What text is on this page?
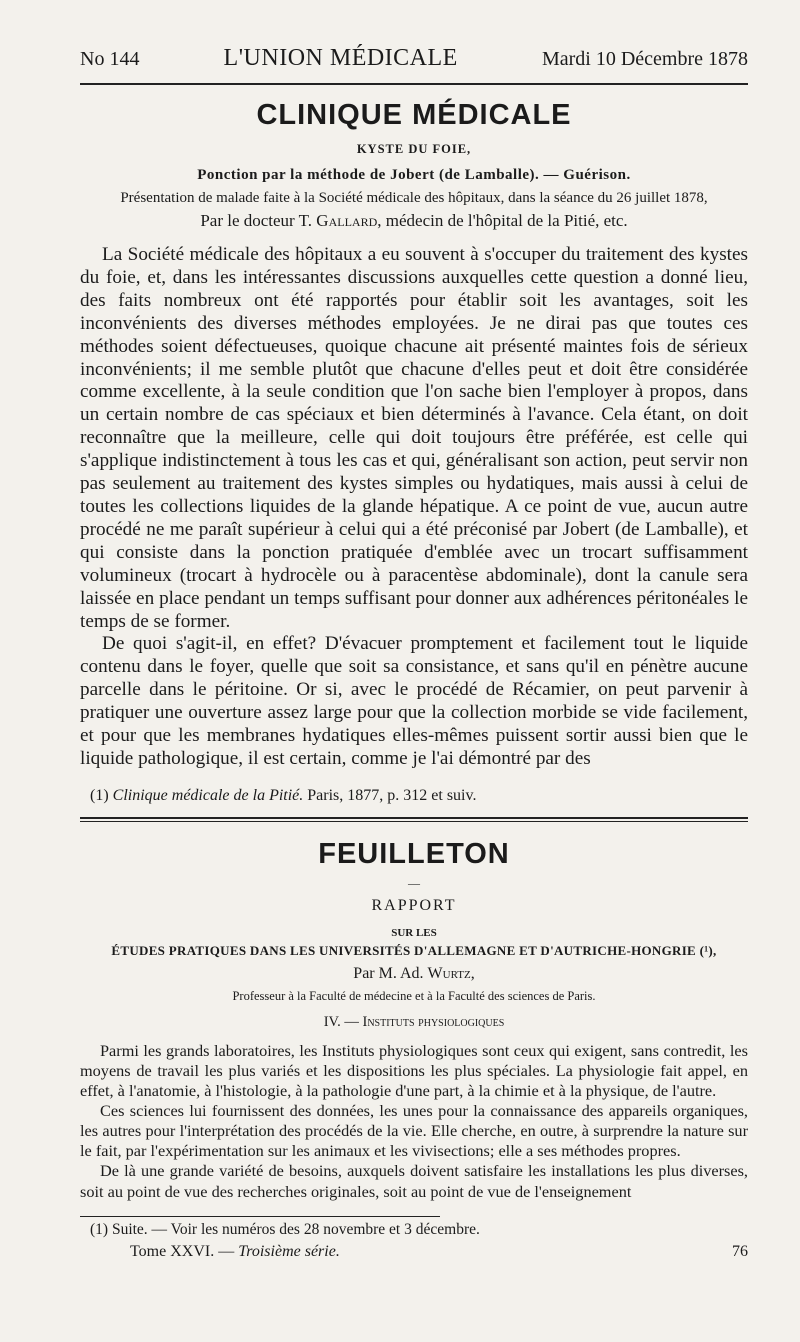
No 144	L'UNION MÉDICALE	Mardi 10 Décembre 1878
CLINIQUE MÉDICALE

KYSTE DU FOIE,

Ponction par la méthode de Jobert (de Lamballe). — Guérison.

Présentation de malade faite à la Société médicale des hôpitaux, dans la séance du 26 juillet 1878,

Par le docteur T. Gallard, médecin de l'hôpital de la Pitié, etc.

La Société médicale des hôpitaux a eu souvent à s'occuper du traitement des kystes du foie, et, dans les intéressantes discussions auxquelles cette question a donné lieu, des faits nombreux ont été rapportés pour établir soit les avantages, soit les inconvénients des diverses méthodes employées. Je ne dirai pas que toutes ces méthodes soient défectueuses, quoique chacune ait présenté maintes fois de sérieux inconvénients; il me semble plutôt que chacune d'elles peut et doit être considérée comme excellente, à la seule condition que l'on sache bien l'employer à propos, dans un certain nombre de cas spéciaux et bien déterminés à l'avance. Cela étant, on doit reconnaître que la meilleure, celle qui doit toujours être préférée, est celle qui s'applique indistinctement à tous les cas et qui, généralisant son action, peut servir non pas seulement au traitement des kystes simples ou hydatiques, mais aussi à celui de toutes les collections liquides de la glande hépatique. A ce point de vue, aucun autre procédé ne me paraît supérieur à celui qui a été préconisé par Jobert (de Lamballe), et qui consiste dans la ponction pratiquée d'emblée avec un trocart suffisamment volumineux (trocart à hydrocèle ou à paracentèse abdominale), dont la canule sera laissée en place pendant un temps suffisant pour donner aux adhérences péritonéales le temps de se former.

De quoi s'agit-il, en effet? D'évacuer promptement et facilement tout le liquide contenu dans le foyer, quelle que soit sa consistance, et sans qu'il en pénètre aucune parcelle dans le péritoine. Or si, avec le procédé de Récamier, on peut parvenir à pratiquer une ouverture assez large pour que la collection morbide se vide facilement, et pour que les membranes hydatiques elles-mêmes puissent sortir aussi bien que le liquide pathologique, il est certain, comme je l'ai démontré par des

(1) Clinique médicale de la Pitié. Paris, 1877, p. 312 et suiv.

FEUILLETON
—

RAPPORT

SUR LES

ÉTUDES PRATIQUES DANS LES UNIVERSITÉS D'ALLEMAGNE ET D'AUTRICHE-HONGRIE (¹),

Par M. Ad. Wurtz,

Professeur à la Faculté de médecine et à la Faculté des sciences de Paris.

IV. — Instituts physiologiques

Parmi les grands laboratoires, les Instituts physiologiques sont ceux qui exigent, sans contredit, les moyens de travail les plus variés et les dispositions les plus spéciales. La physiologie fait appel, en effet, à l'anatomie, à l'histologie, à la pathologie d'une part, à la chimie et à la physique, de l'autre.

Ces sciences lui fournissent des données, les unes pour la connaissance des appareils organiques, les autres pour l'interprétation des procédés de la vie. Elle cherche, en outre, à surprendre la nature sur le fait, par l'expérimentation sur les animaux et les vivisections; elle a ses méthodes propres.

De là une grande variété de besoins, auxquels doivent satisfaire les installations les plus diverses, soit au point de vue des recherches originales, soit au point de vue de l'enseignement

(1) Suite. — Voir les numéros des 28 novembre et 3 décembre.

Tome XXVI. — Troisième série.	76
